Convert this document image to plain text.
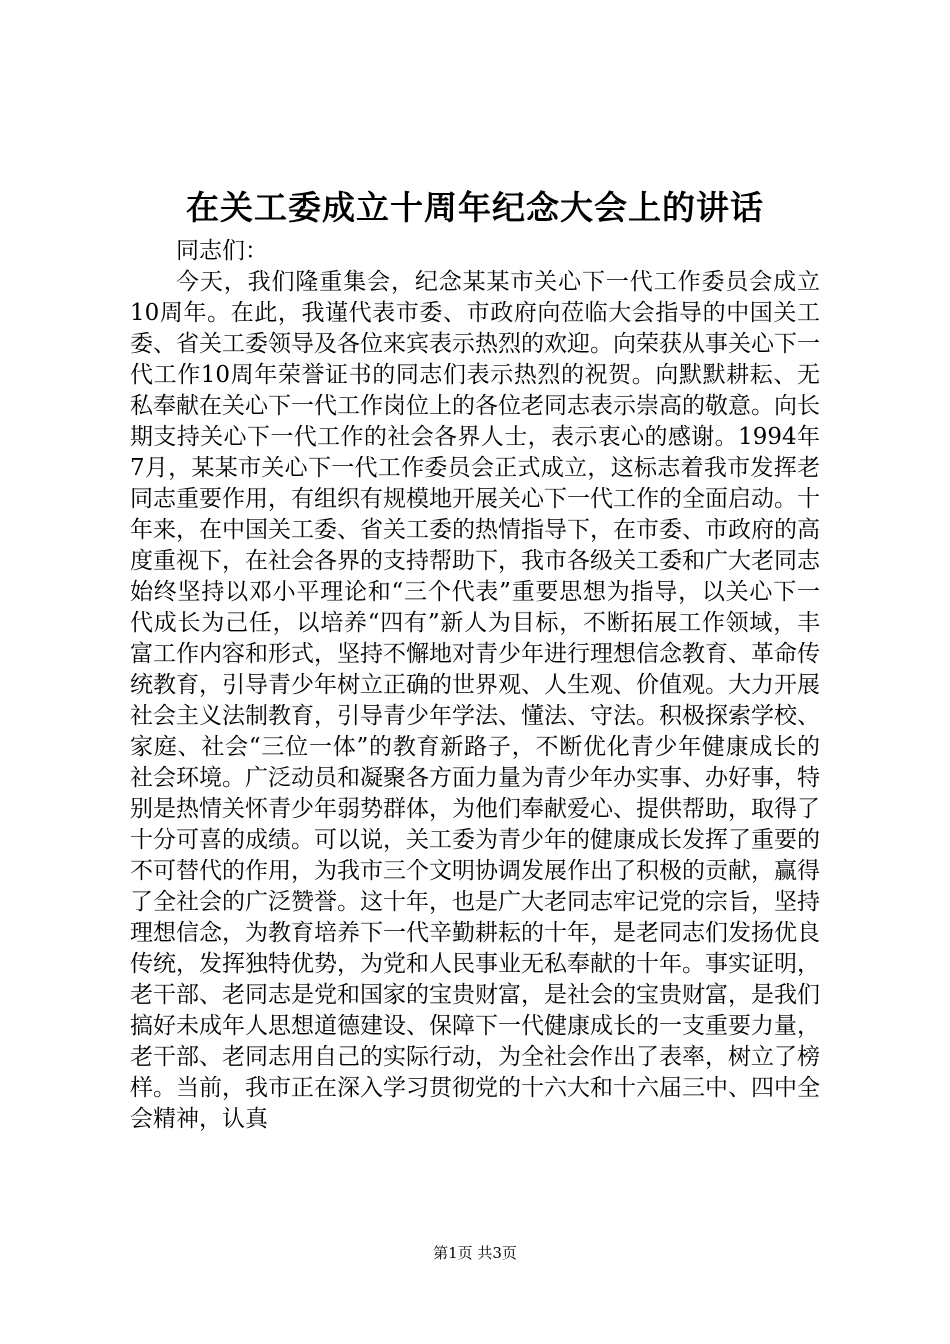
在关工委成立十周年纪念大会上的讲话

同志们：

今天，我们隆重集会，纪念某某市关心下一代工作委员会成立10周年。在此，我谨代表市委、市政府向莅临大会指导的中国关工委、省关工委领导及各位来宾表示热烈的欢迎。向荣获从事关心下一代工作10周年荣誉证书的同志们表示热烈的祝贺。向默默耕耘、无私奉献在关心下一代工作岗位上的各位老同志表示崇高的敬意。向长期支持关心下一代工作的社会各界人士，表示衷心的感谢。1994年7月，某某市关心下一代工作委员会正式成立，这标志着我市发挥老同志重要作用，有组织有规模地开展关心下一代工作的全面启动。十年来，在中国关工委、省关工委的热情指导下，在市委、市政府的高度重视下，在社会各界的支持帮助下，我市各级关工委和广大老同志始终坚持以邓小平理论和“三个代表”重要思想为指导，以关心下一代成长为己任，以培养“四有”新人为目标，不断拓展工作领域，丰富工作内容和形式，坚持不懈地对青少年进行理想信念教育、革命传统教育，引导青少年树立正确的世界观、人生观、价值观。大力开展社会主义法制教育，引导青少年学法、懂法、守法。积极探索学校、家庭、社会“三位一体”的教育新路子，不断优化青少年健康成长的社会环境。广泛动员和凝聚各方面力量为青少年办实事、办好事，特别是热情关怀青少年弱势群体，为他们奉献爱心、提供帮助，取得了十分可喜的成绩。可以说，关工委为青少年的健康成长发挥了重要的不可替代的作用，为我市三个文明协调发展作出了积极的贡献，赢得了全社会的广泛赞誉。这十年，也是广大老同志牢记党的宗旨，坚持理想信念，为教育培养下一代辛勤耕耘的十年，是老同志们发扬优良传统，发挥独特优势，为党和人民事业无私奉献的十年。事实证明，老干部、老同志是党和国家的宝贵财富，是社会的宝贵财富，是我们搞好未成年人思想道德建设、保障下一代健康成长的一支重要力量，老干部、老同志用自己的实际行动，为全社会作出了表率，树立了榜样。当前，我市正在深入学习贯彻党的十六大和十六届三中、四中全会精神，认真

第1页 共3页
